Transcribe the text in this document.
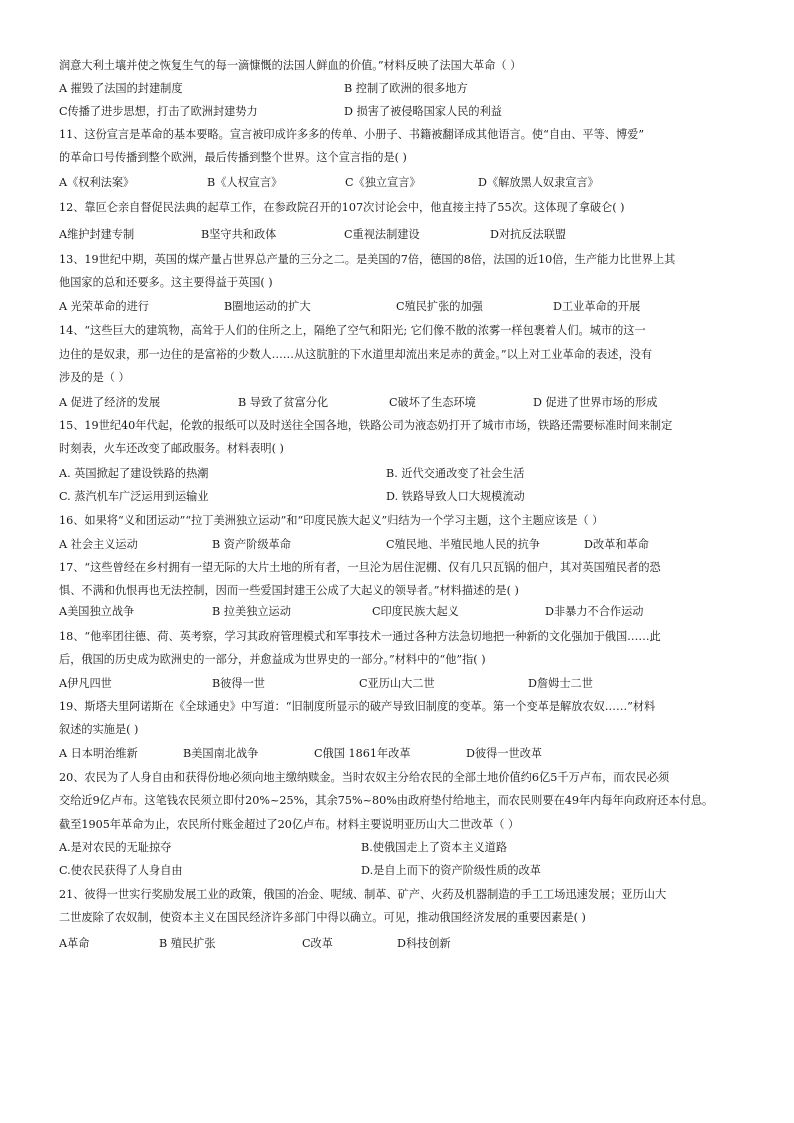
润意大利土壤并使之恢复生气的每一滴慷慨的法国人鲜血的价值。”材料反映了法国大革命（ ）
A 摧毁了法国的封建制度	B 控制了欧洲的很多地方
C传播了进步思想，打击了欧洲封建势力	D 损害了被侵略国家人民的利益
11、这份宣言是革命的基本要略。宣言被印成许多多的传单、小册子、书籍被翻译成其他语言。使“自由、平等、博爱”
的革命口号传播到整个欧洲，最后传播到整个世界。这个宣言指的是( )
A《权利法案》	B《人权宣言》	C《独立宣言》	D《解放黑人奴隶宣言》
12、靠叵仑亲自督促民法典的起草工作，在参政院召开的107次讨论会中，他直接主持了55次。这体现了拿破仑( )
A维护封建专制	B坚守共和政体	C重视法制建设	D对抗反法联盟
13、19世纪中期，英国的煤产量占世界总产量的三分之二。是美国的7倍，德国的8倍，法国的近10倍，生产能力比世界上其
他国家的总和还要多。这主要得益于英国( )
A 光荣革命的进行	B圈地运动的扩大	C殖民扩张的加强	D工业革命的开展
14、“这些巨大的建筑物，高耸于人们的住所之上，隔绝了空气和阳光; 它们像不散的浓雾一样包裹着人们。城市的这一
边住的是奴隶，那一边住的是富裕的少数人……从这肮脏的下水道里却流出来足赤的黄金。”以上对工业革命的表述，没有
涉及的是（ ）
A 促进了经济的发展	B 导致了贫富分化	C破坏了生态环境	D 促进了世界市场的形成
15、19世纪40年代起，伦敦的报纸可以及时送往全国各地，铁路公司为液态奶打开了城市市场，铁路还需要标准时间来制定
时刻表，火车还改变了邮政服务。材料表明( )
A. 英国掀起了建设铁路的热潮	B. 近代交通改变了社会生活
C. 蒸汽机车广泛运用到运输业	D. 铁路导致人口大规模流动
16、如果将“义和团运动”“拉丁美洲独立运动”和“印度民族大起义”归结为一个学习主题，这个主题应该是（ ）
A 社会主义运动	B 资产阶级革命	C殖民地、半殖民地人民的抗争	D改革和革命
17、“这些曾经在乡村拥有一望无际的大片土地的所有者，一旦沦为居住泥棚、仅有几只瓦锅的佃户，其对英国殖民者的恐
惧、不满和仇恨再也无法控制，因而一些爱国封建王公成了大起义的领导者。”材料描述的是( )
A美国独立战争	B 拉美独立运动	C印度民族大起义	D非暴力不合作运动
18、“他率团往德、荷、英考察，学习其政府管理模式和军事技术一通过各种方法急切地把一种新的文化强加于俄国……此
后，俄国的历史成为欧洲史的一部分，并愈益成为世界史的一部分。”材料中的“他”指( )
A伊凡四世	B彼得一世	C亚历山大二世	D詹姆士二世
19、斯塔夫里阿诺斯在《全球通史》中写道：“旧制度所显示的破产导致旧制度的变革。第一个变革是解放农奴……”材料
叙述的实施是( )
A 日本明治维新	B美国南北战争	C俄国 1861年改革	D彼得一世改革
20、农民为了人身自由和获得份地必须向地主缴纳赎金。当时农奴主分给农民的全部土地价值约6亿5千万卢布，而农民必须
交给近9亿卢布。这笔钱农民须立即付20%~25%，其余75%~80%由政府垫付给地主，而农民则要在49年内每年向政府还本付息。
截至1905年革命为止，农民所付账金超过了20亿卢布。材料主要说明亚历山大二世改革（ ）
A.是对农民的无耻掠夺	B.使俄国走上了资本主义道路
C.使农民获得了人身自由	D.是自上而下的资产阶级性质的改革
21、彼得一世实行奖励发展工业的政策，俄国的冶金、呢绒、制革、矿产、火药及机器制造的手工工场迅速发展；亚历山大
二世废除了农奴制，使资本主义在国民经济许多部门中得以确立。可见，推动俄国经济发展的重要因素是( )
A革命	B 殖民扩张	C改革	D科技创新
